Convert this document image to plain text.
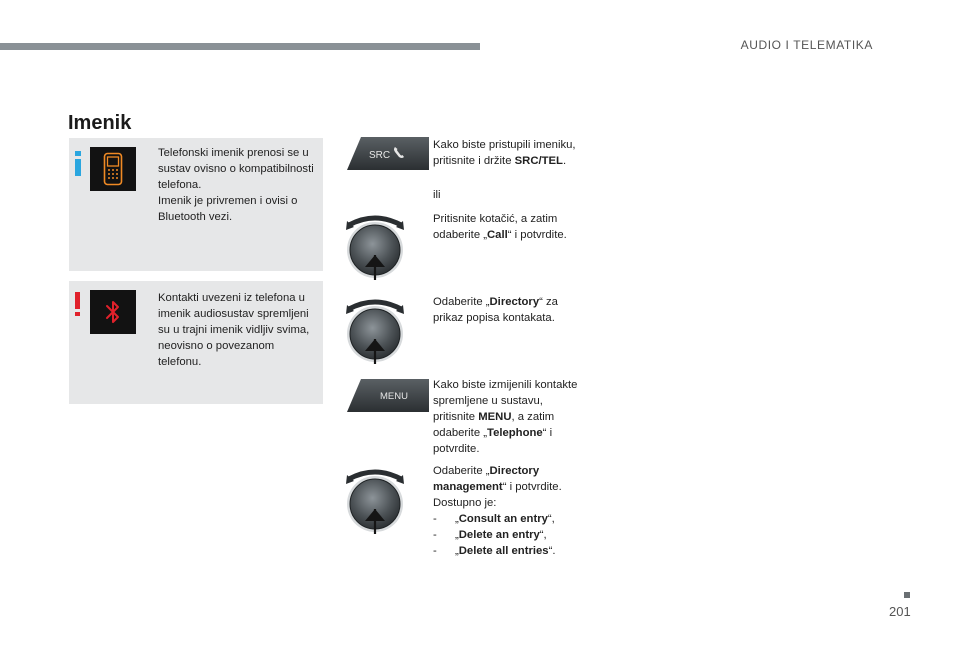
AUDIO I TELEMATIKA
Imenik
Telefonski imenik prenosi se u
sustav ovisno o kompatibilnosti
telefona.
Imenik je privremen i ovisi o
Bluetooth vezi.
Kontakti uvezeni iz telefona u
imenik audiosustav spremljeni
su u trajni imenik vidljiv svima,
neovisno o povezanom
telefonu.
SRC
Kako biste pristupili imeniku,
pritisnite i držite SRC/TEL.
ili
Pritisnite kotačić, a zatim
odaberite „Call“ i potvrdite.
Odaberite „Directory“ za
prikaz popisa kontakata.
MENU
Kako biste izmijenili kontakte
spremljene u sustavu,
pritisnite MENU, a zatim
odaberite „Telephone“ i
potvrdite.
Odaberite „Directory
management“ i potvrdite.
Dostupno je:
- „Consult an entry“,
- „Delete an entry“,
- „Delete all entries“.
201
